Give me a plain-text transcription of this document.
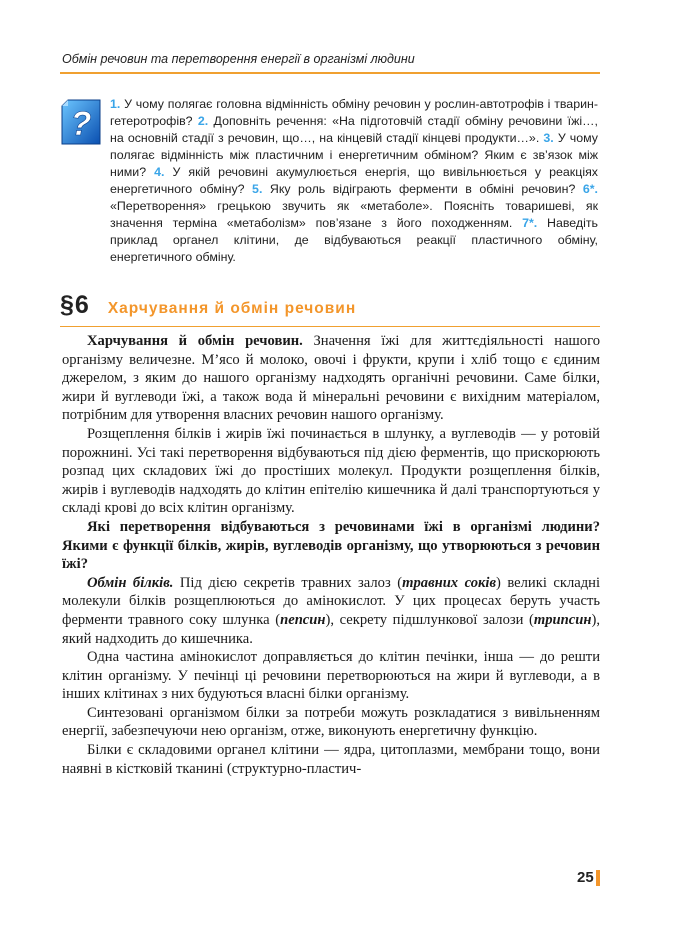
Обмін речовин та перетворення енергії в організмі людини
?
1. У чому полягає головна відмінність обміну речовин у рослин-автотрофів і тварин-гетеротрофів? 2. Доповніть речення: «На підготовчій стадії обміну речовини їжі…, на основній стадії з речовин, що…, на кінцевій стадії кінцеві продукти…». 3. У чому полягає відмінність між пластичним і енергетичним обміном? Яким є зв’язок між ними? 4. У якій речовині акумулюється енергія, що вивільнюється у реакціях енергетичного обміну? 5. Яку роль відіграють ферменти в обміні речовин? 6*. «Перетворення» грецькою звучить як «метаболе». Поясніть товаришеві, як значення терміна «метаболізм» пов’язане з його походженням. 7*. Наведіть приклад органел клітини, де відбуваються реакції пластичного обміну, енергетичного обміну.
§6 Харчування й обмін речовин

Харчування й обмін речовин. Значення їжі для життєдіяльності нашого організму величезне. М’ясо й молоко, овочі і фрукти, крупи і хліб тощо є єдиним джерелом, з яким до нашого організму надходять органічні речовини. Саме білки, жири й вуглеводи їжі, а також вода й мінеральні речовини є вихідним матеріалом, потрібним для утворення власних речовин нашого організму.

Розщеплення білків і жирів їжі починається в шлунку, а вуглеводів — у ротовій порожнині. Усі такі перетворення відбуваються під дією ферментів, що прискорюють розпад цих складових їжі до простіших молекул. Продукти розщеплення білків, жирів і вуглеводів надходять до клітин епітелію кишечника й далі транспортуються у складі крові до всіх клітин організму.

Які перетворення відбуваються з речовинами їжі в організмі людини? Якими є функції білків, жирів, вуглеводів організму, що утворюються з речовин їжі?

Обмін білків. Під дією секретів травних залоз (травних соків) великі складні молекули білків розщеплюються до амінокислот. У цих процесах беруть участь ферменти травного соку шлунка (пепсин), секрету підшлункової залози (трипсин), який надходить до кишечника.

Одна частина амінокислот доправляється до клітин печінки, інша — до решти клітин організму. У печінці ці речовини перетворюються на жири й вуглеводи, а в інших клітинах з них будуються власні білки організму.

Синтезовані організмом білки за потреби можуть розкладатися з вивільненням енергії, забезпечуючи нею організм, отже, виконують енергетичну функцію.

Білки є складовими органел клітини — ядра, цитоплазми, мембрани тощо, вони наявні в кістковій тканині (структурно-пластич-

25
